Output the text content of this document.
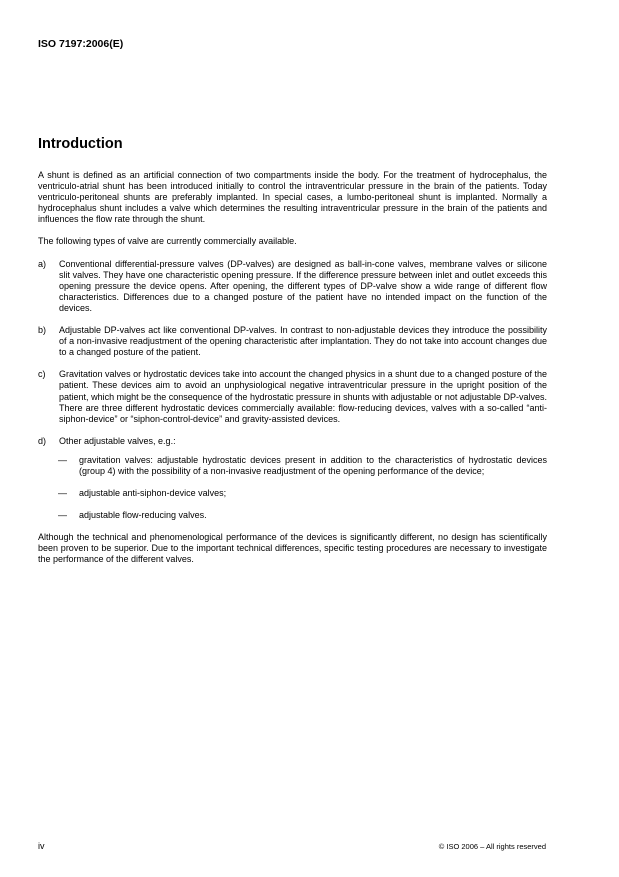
ISO 7197:2006(E)

Introduction

A shunt is defined as an artificial connection of two compartments inside the body. For the treatment of hydrocephalus, the ventriculo-atrial shunt has been introduced initially to control the intraventricular pressure in the brain of the patients. Today ventriculo-peritoneal shunts are preferably implanted. In special cases, a lumbo-peritoneal shunt is implanted. Normally a hydrocephalus shunt includes a valve which determines the resulting intraventricular pressure in the brain of the patients and influences the flow rate through the shunt.

The following types of valve are currently commercially available.

a)	Conventional differential-pressure valves (DP-valves) are designed as ball-in-cone valves, membrane valves or silicone slit valves. They have one characteristic opening pressure. If the difference pressure between inlet and outlet exceeds this opening pressure the device opens. After opening, the different types of DP-valve show a wide range of different flow characteristics. Differences due to a changed posture of the patient have no intended impact on the function of the devices.
b)	Adjustable DP-valves act like conventional DP-valves. In contrast to non-adjustable devices they introduce the possibility of a non-invasive readjustment of the opening characteristic after implantation. They do not take into account changes due to a changed posture of the patient.
c)	Gravitation valves or hydrostatic devices take into account the changed physics in a shunt due to a changed posture of the patient. These devices aim to avoid an unphysiological negative intraventricular pressure in the upright position of the patient, which might be the consequence of the hydrostatic pressure in shunts with adjustable or not adjustable DP-valves. There are three different hydrostatic devices commercially available: flow-reducing devices, valves with a so-called “anti-siphon-device” or “siphon-control-device” and gravity-assisted devices.
d)	Other adjustable valves, e.g.:
—	gravitation valves: adjustable hydrostatic devices present in addition to the characteristics of hydrostatic devices (group 4) with the possibility of a non-invasive readjustment of the opening performance of the device;
—	adjustable anti-siphon-device valves;
—	adjustable flow-reducing valves.

Although the technical and phenomenological performance of the devices is significantly different, no design has scientifically been proven to be superior. Due to the important technical differences, specific testing procedures are necessary to investigate the performance of the different valves.

iv	© ISO 2006 – All rights reserved
